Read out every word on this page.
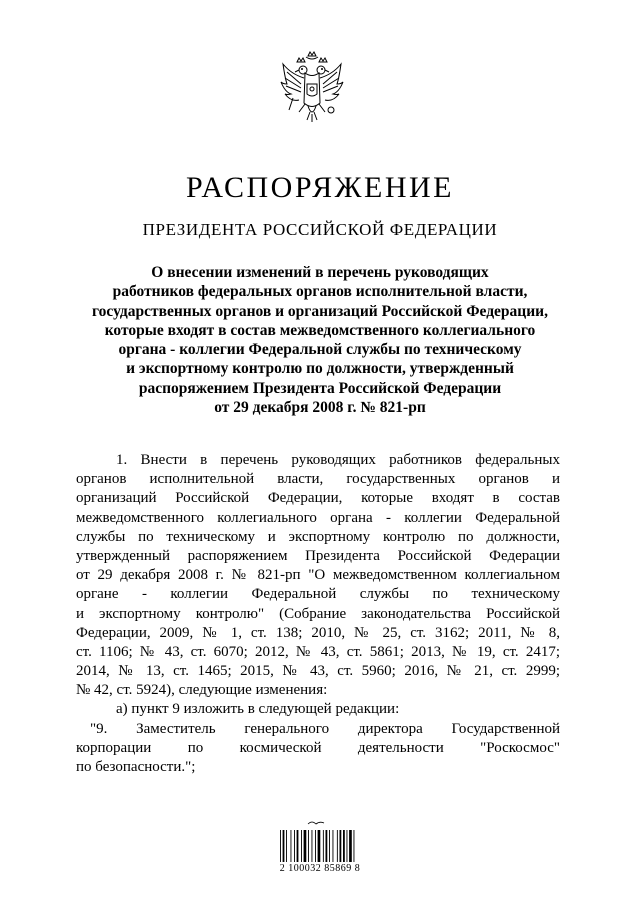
РАСПОРЯЖЕНИЕ
ПРЕЗИДЕНТА РОССИЙСКОЙ ФЕДЕРАЦИИ
О внесении изменений в перечень руководящих
работников федеральных органов исполнительной власти,
государственных органов и организаций Российской Федерации,
которые входят в состав межведомственного коллегиального
органа - коллегии Федеральной службы по техническому
и экспортному контролю по должности, утвержденный
распоряжением Президента Российской Федерации
от 29 декабря 2008 г. № 821-рп
1. Внести в перечень руководящих работников федеральных
органов исполнительной власти, государственных органов и
организаций Российской Федерации, которые входят в состав
межведомственного коллегиального органа - коллегии Федеральной
службы по техническому и экспортному контролю по должности,
утвержденный распоряжением Президента Российской Федерации
от 29 декабря 2008 г. № 821-рп "О межведомственном коллегиальном
органе - коллегии Федеральной службы по техническому
и экспортному контролю" (Собрание законодательства Российской
Федерации, 2009, № 1, ст. 138; 2010, № 25, ст. 3162; 2011, № 8,
ст. 1106; № 43, ст. 6070; 2012, № 43, ст. 5861; 2013, № 19, ст. 2417;
2014, № 13, ст. 1465; 2015, № 43, ст. 5960; 2016, № 21, ст. 2999;
№ 42, ст. 5924), следующие изменения:
а) пункт 9 изложить в следующей редакции:
"9. Заместитель генерального директора Государственной
корпорации по космической деятельности "Роскосмос"
по безопасности.";
2 100032 85869 8
